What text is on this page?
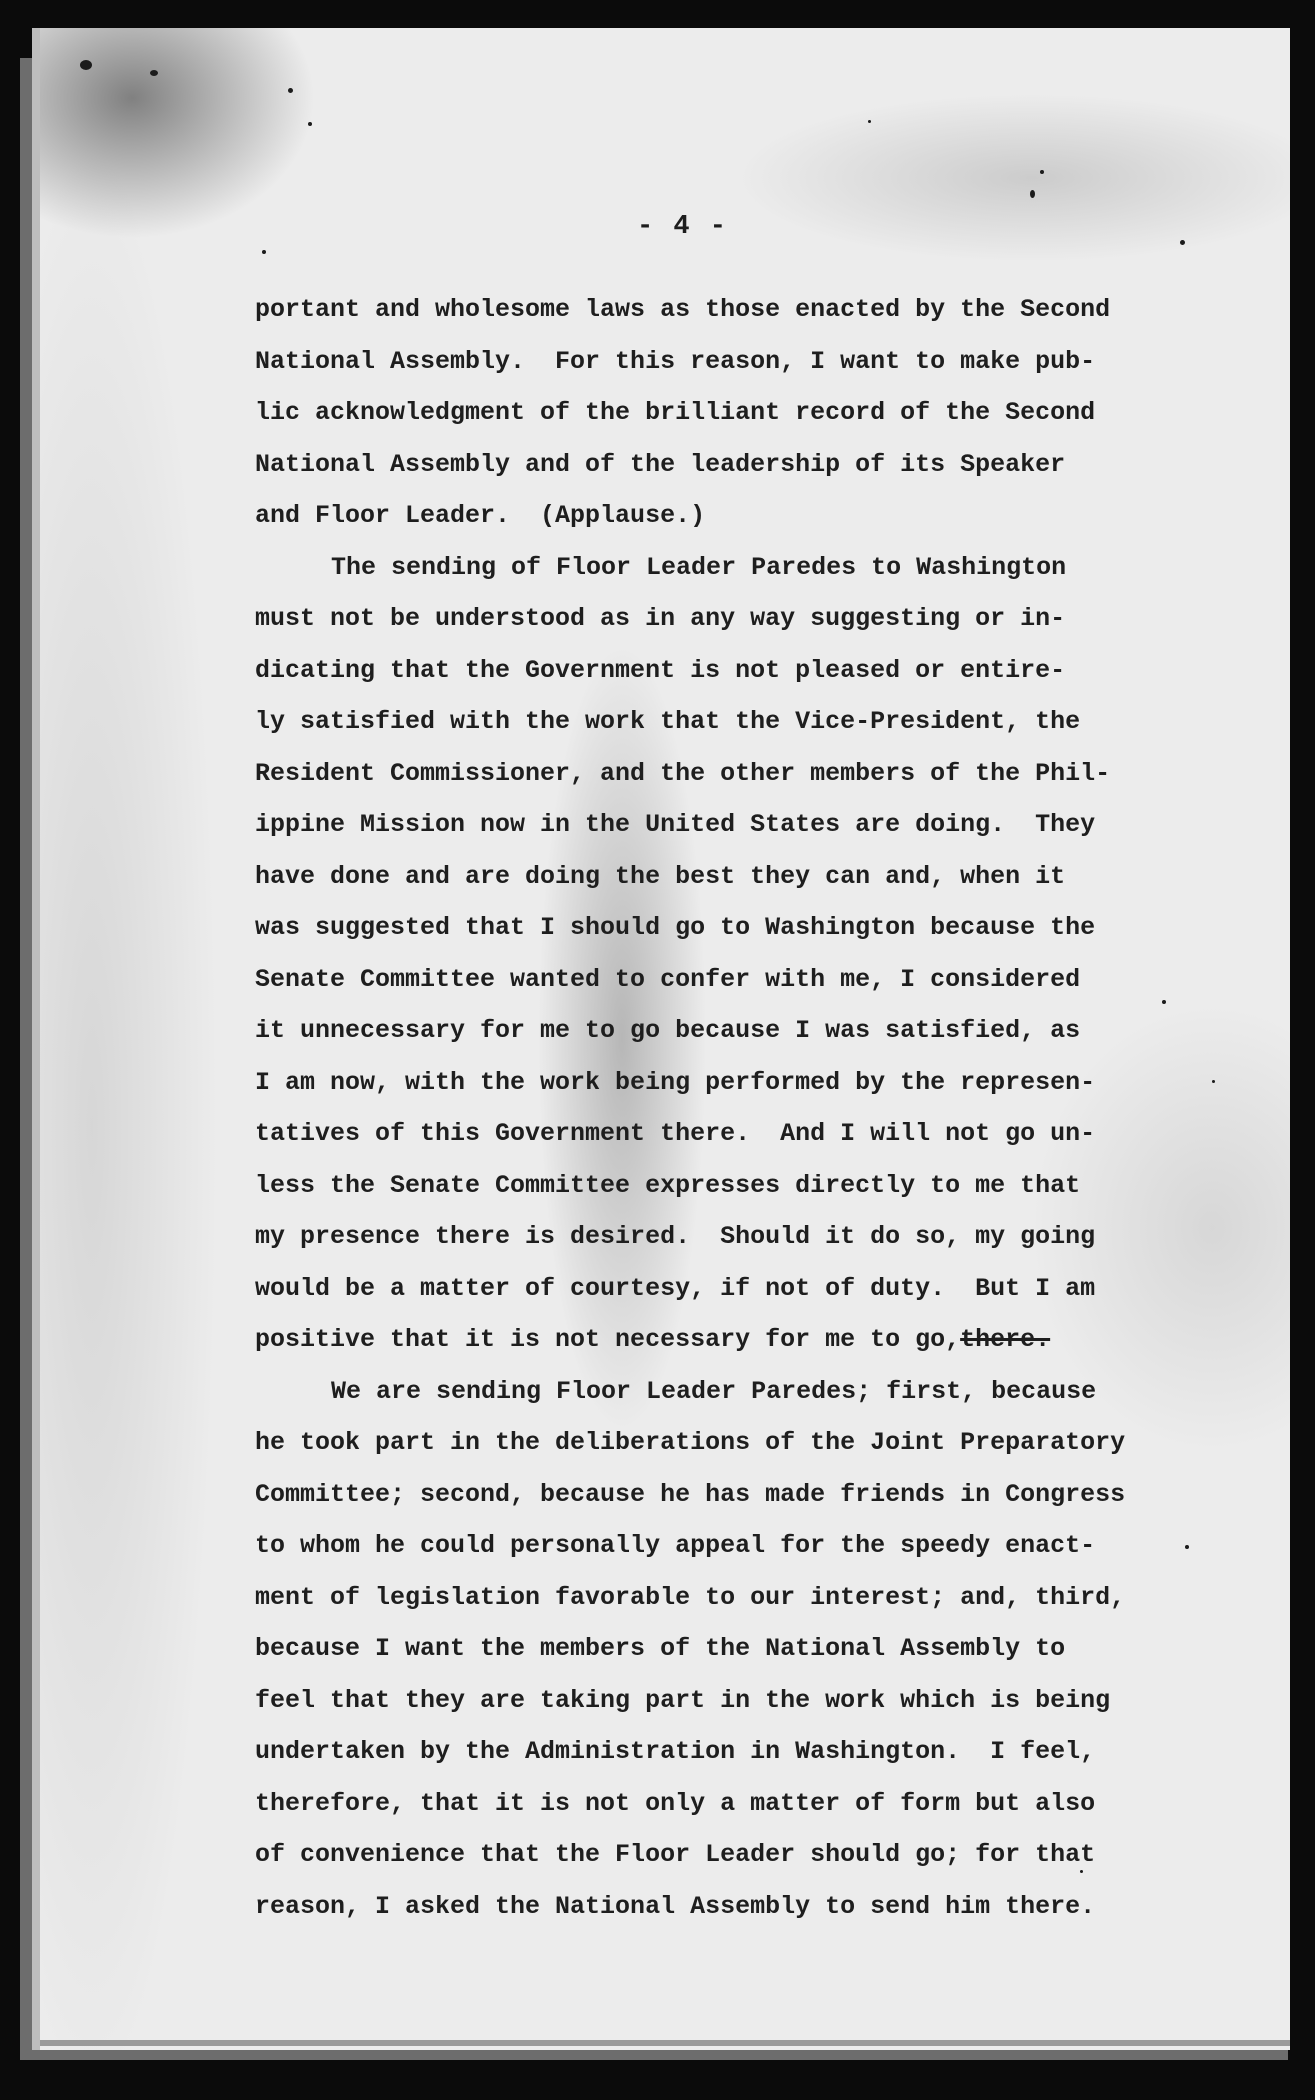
- 4 -
portant and wholesome laws as those enacted by the Second
National Assembly.  For this reason, I want to make pub-
lic acknowledgment of the brilliant record of the Second
National Assembly and of the leadership of its Speaker
and Floor Leader.  (Applause.)
The sending of Floor Leader Paredes to Washington
must not be understood as in any way suggesting or in-
dicating that the Government is not pleased or entire-
ly satisfied with the work that the Vice-President, the
Resident Commissioner, and the other members of the Phil-
ippine Mission now in the United States are doing.  They
have done and are doing the best they can and, when it
was suggested that I should go to Washington because the
Senate Committee wanted to confer with me, I considered
it unnecessary for me to go because I was satisfied, as
I am now, with the work being performed by the represen-
tatives of this Government there.  And I will not go un-
less the Senate Committee expresses directly to me that
my presence there is desired.  Should it do so, my going
would be a matter of courtesy, if not of duty.  But I am
positive that it is not necessary for me to go,there.
We are sending Floor Leader Paredes; first, because
he took part in the deliberations of the Joint Preparatory
Committee; second, because he has made friends in Congress
to whom he could personally appeal for the speedy enact-
ment of legislation favorable to our interest; and, third,
because I want the members of the National Assembly to
feel that they are taking part in the work which is being
undertaken by the Administration in Washington.  I feel,
therefore, that it is not only a matter of form but also
of convenience that the Floor Leader should go; for that
reason, I asked the National Assembly to send him there.
